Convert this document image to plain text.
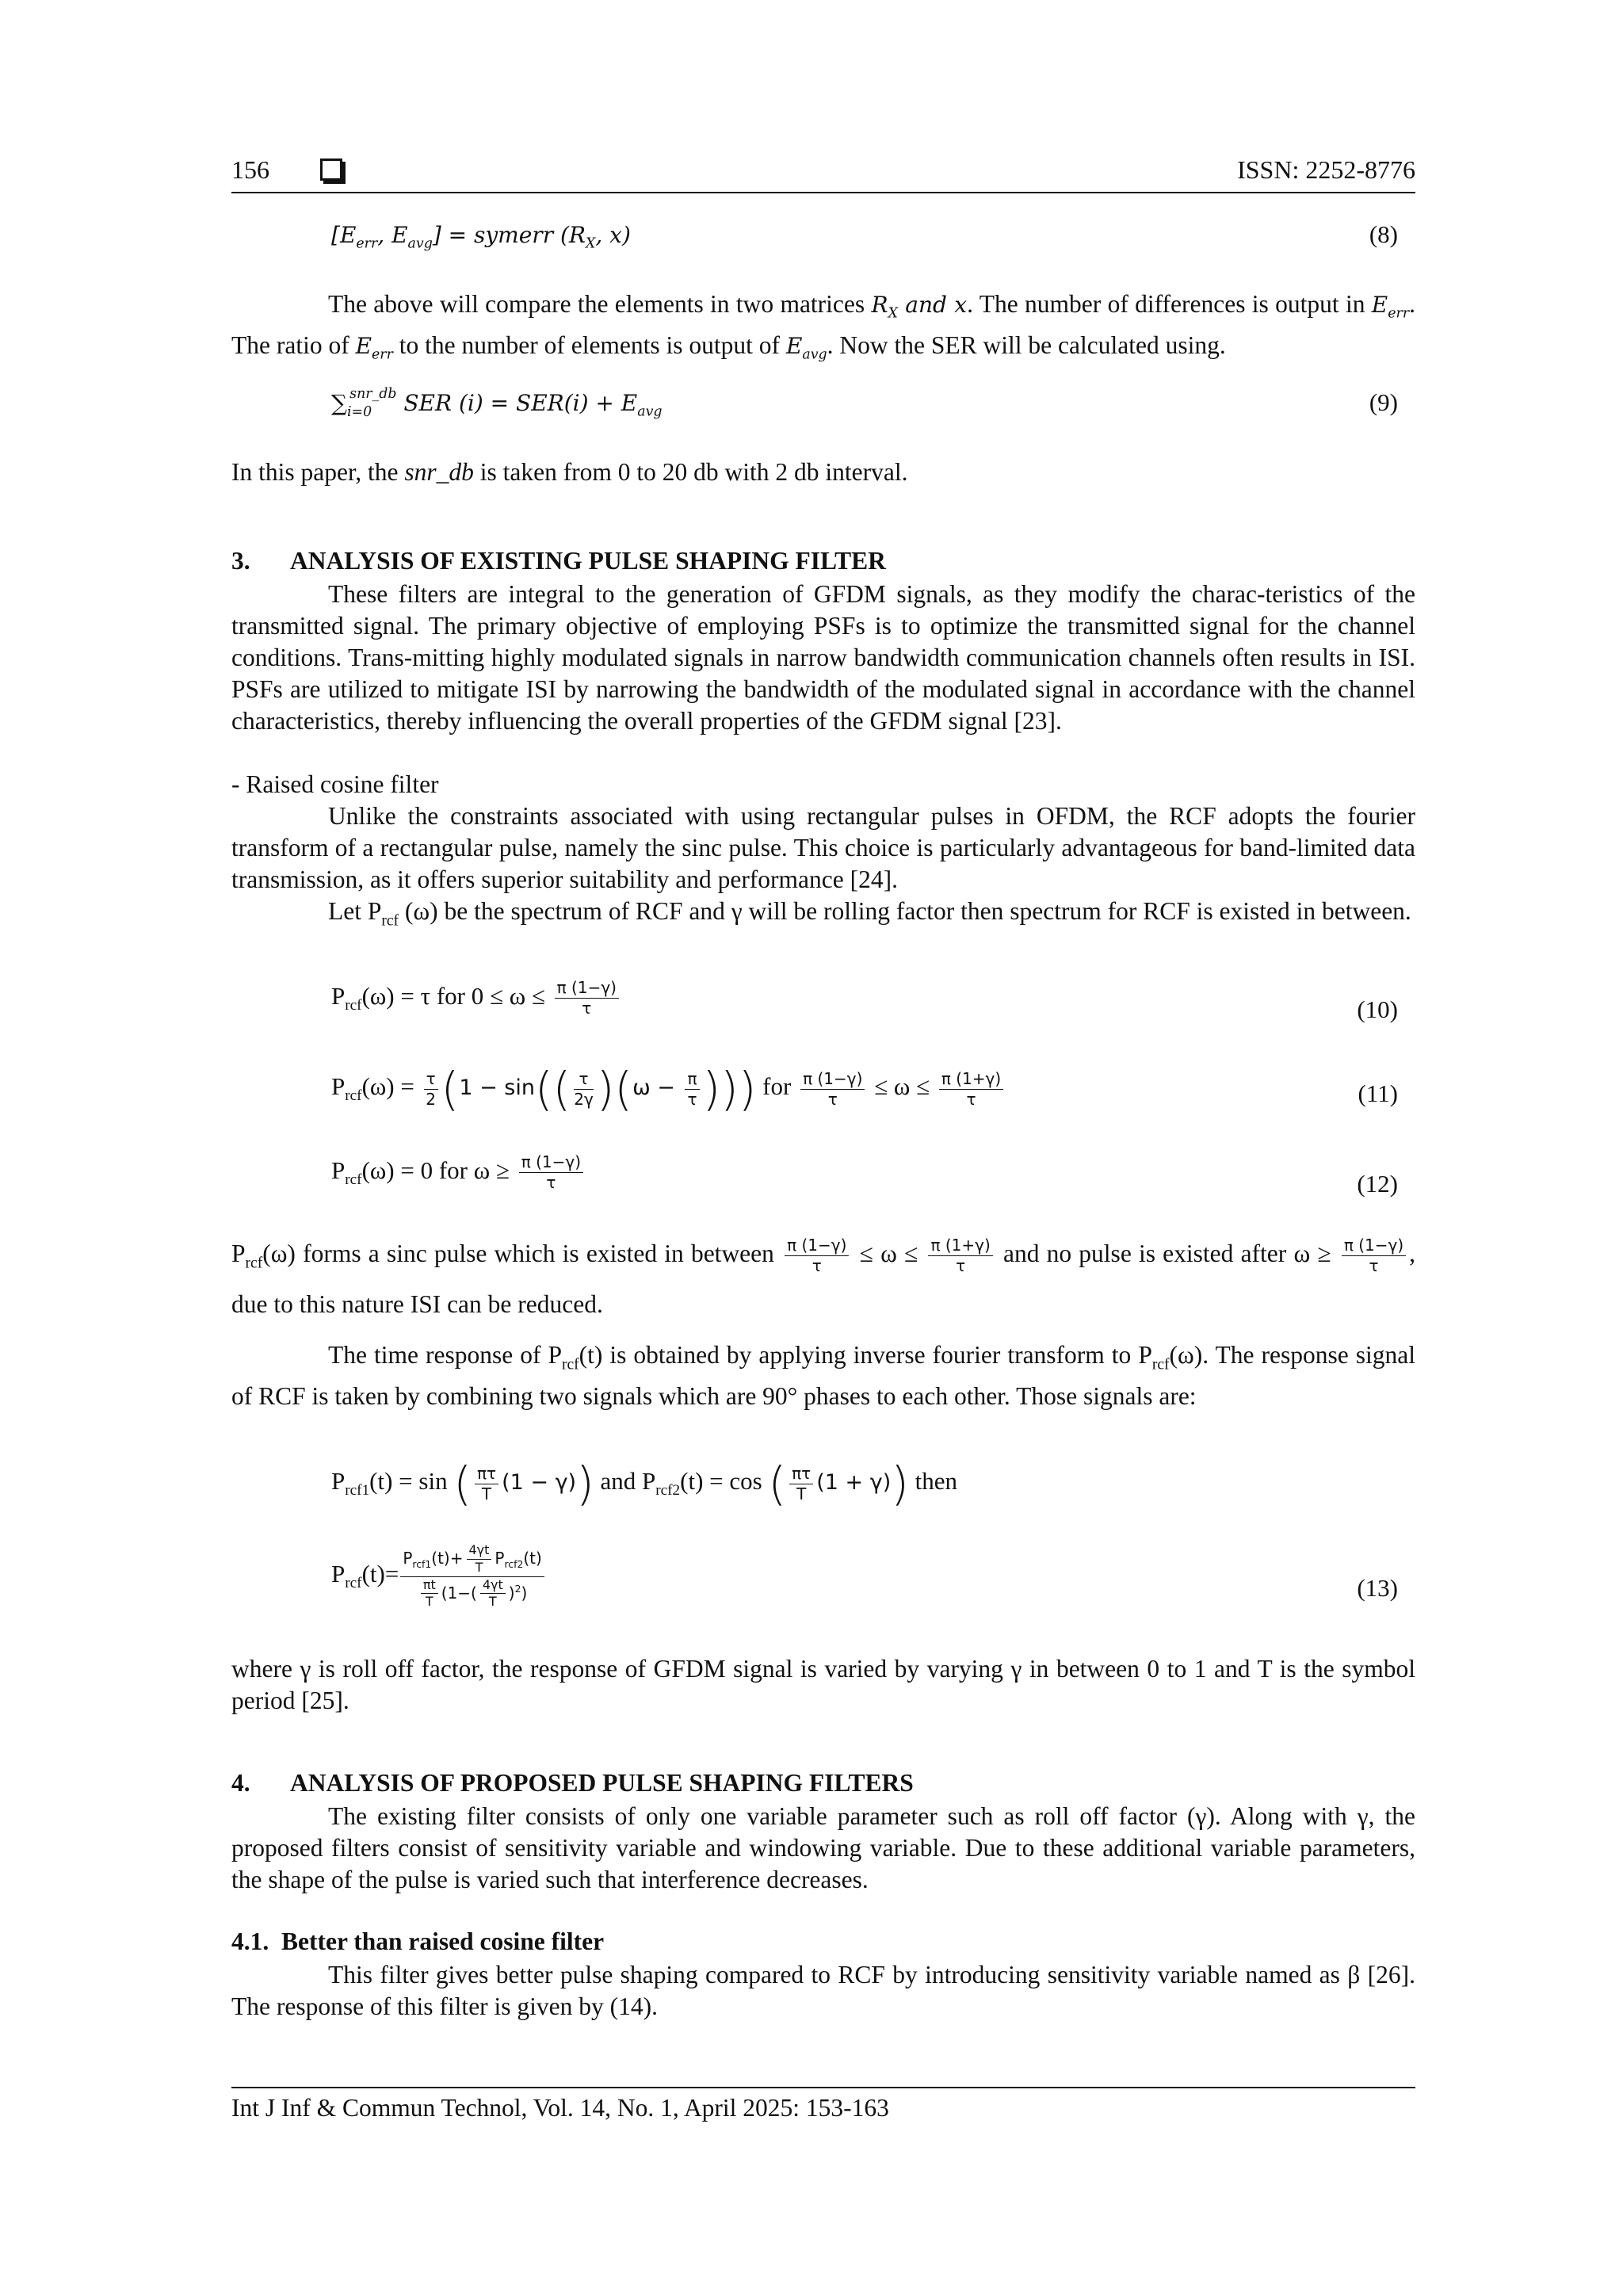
156	ISSN: 2252-8776
[$E_{err}$, $E_{avg}$] = symerr ($R_X$, x)	(8)
The above will compare the elements in two matrices $R_X$ and x. The number of differences is output in $E_{err}$. The ratio of $E_{err}$ to the number of elements is output of $E_{avg}$. Now the SER will be calculated using.
$\sum_{i=0}^{snr\_db}$ SER $(i) = SER(i) + E_{avg}$	(9)
In this paper, the snr_db is taken from 0 to 20 db with 2 db interval.
3. ANALYSIS OF EXISTING PULSE SHAPING FILTER
These filters are integral to the generation of GFDM signals, as they modify the charac-teristics of the transmitted signal. The primary objective of employing PSFs is to optimize the transmitted signal for the channel conditions. Trans-mitting highly modulated signals in narrow bandwidth communication channels often results in ISI. PSFs are utilized to mitigate ISI by narrowing the bandwidth of the modulated signal in accordance with the channel characteristics, thereby influencing the overall properties of the GFDM signal [23].
- Raised cosine filter
Unlike the constraints associated with using rectangular pulses in OFDM, the RCF adopts the fourier transform of a rectangular pulse, namely the sinc pulse. This choice is particularly advantageous for band-limited data transmission, as it offers superior suitability and performance [24].
Let $P_{rcf}$ (ω) be the spectrum of RCF and γ will be rolling factor then spectrum for RCF is existed in between.
$P_{rcf}(\omega) = \tau$ for $0 \le \omega \le \frac{\pi (1-\gamma)}{\tau}$	(10)
$P_{rcf}(\omega) = \frac{\tau}{2} (1 - \sin(( \frac{\tau}{2\gamma} )(\omega - \frac{\pi}{\tau}$ ))) for $\frac{\pi (1-\gamma)}{\tau} \le \omega \le \frac{\pi (1+\gamma)}{\tau}$	(11)
$P_{rcf}(\omega) = 0$ for $\omega \ge \frac{\pi (1-\gamma)}{\tau}$	(12)
$P_{rcf}(\omega)$ forms a sinc pulse which is existed in between $\frac{\pi (1-\gamma)}{\tau} \le \omega \le \frac{\pi (1+\gamma)}{\tau}$ and no pulse is existed after $\omega \ge \frac{\pi (1-\gamma)}{\tau}$ , due to this nature ISI can be reduced.
The time response of $P_{rcf}(t)$ is obtained by applying inverse fourier transform to $P_{rcf}(\omega)$. The response signal of RCF is taken by combining two signals which are 90° phases to each other. Those signals are:
$P_{rcf1}(t) = \sin$ ( $\frac{\pi\tau}{T} (1 - \gamma)$) and $P_{rcf2}(t) = \cos$ ( $\frac{\pi\tau}{T} (1 + \gamma)$) then
$P_{rcf}(t)= \frac{P_{rcf1}(t)+ \frac{4\gamma t}{T} P_{rcf2}(t)}{\frac{\pi t}{T} (1-( \frac{4\gamma t}{T} )^2)}$	(13)
where γ is roll off factor, the response of GFDM signal is varied by varying γ in between 0 to 1 and T is the symbol period [25].
4. ANALYSIS OF PROPOSED PULSE SHAPING FILTERS
The existing filter consists of only one variable parameter such as roll off factor (γ). Along with γ, the proposed filters consist of sensitivity variable and windowing variable. Due to these additional variable parameters, the shape of the pulse is varied such that interference decreases.
4.1. Better than raised cosine filter
This filter gives better pulse shaping compared to RCF by introducing sensitivity variable named as β [26]. The response of this filter is given by (14).
Int J Inf & Commun Technol, Vol. 14, No. 1, April 2025: 153-163
